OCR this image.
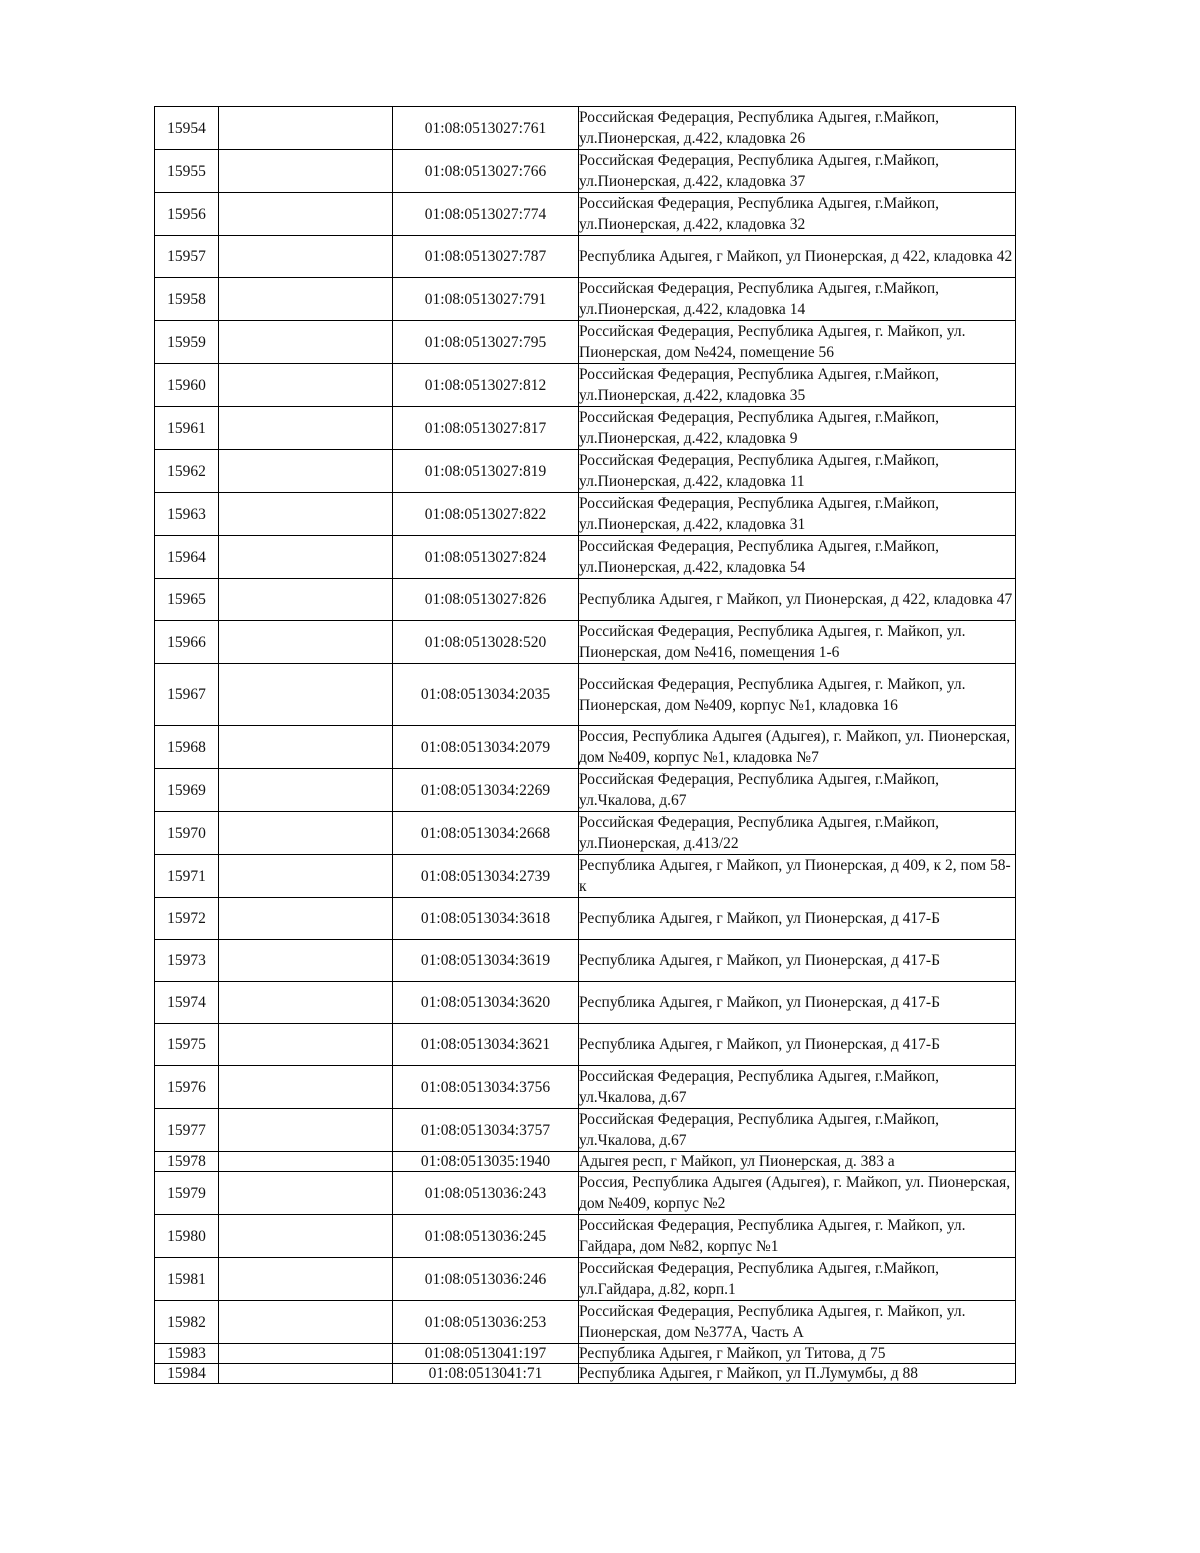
15954		01:08:0513027:761	Российская Федерация, Республика Адыгея, г.Майкоп, ул.Пионерская, д.422, кладовка 26
15955		01:08:0513027:766	Российская Федерация, Республика Адыгея, г.Майкоп, ул.Пионерская, д.422, кладовка 37
15956		01:08:0513027:774	Российская Федерация, Республика Адыгея, г.Майкоп, ул.Пионерская, д.422, кладовка 32
15957		01:08:0513027:787	Республика Адыгея, г Майкоп, ул Пионерская, д 422, кладовка 42
15958		01:08:0513027:791	Российская Федерация, Республика Адыгея, г.Майкоп, ул.Пионерская, д.422, кладовка 14
15959		01:08:0513027:795	Российская Федерация, Республика Адыгея, г. Майкоп, ул. Пионерская, дом №424, помещение 56
15960		01:08:0513027:812	Российская Федерация, Республика Адыгея, г.Майкоп, ул.Пионерская, д.422, кладовка 35
15961		01:08:0513027:817	Российская Федерация, Республика Адыгея, г.Майкоп, ул.Пионерская, д.422, кладовка 9
15962		01:08:0513027:819	Российская Федерация, Республика Адыгея, г.Майкоп, ул.Пионерская, д.422, кладовка 11
15963		01:08:0513027:822	Российская Федерация, Республика Адыгея, г.Майкоп, ул.Пионерская, д.422, кладовка 31
15964		01:08:0513027:824	Российская Федерация, Республика Адыгея, г.Майкоп, ул.Пионерская, д.422, кладовка 54
15965		01:08:0513027:826	Республика Адыгея, г Майкоп, ул Пионерская, д 422, кладовка 47
15966		01:08:0513028:520	Российская Федерация, Республика Адыгея, г. Майкоп, ул. Пионерская, дом №416, помещения 1-6
15967		01:08:0513034:2035	Российская Федерация, Республика Адыгея, г. Майкоп, ул. Пионерская, дом №409, корпус №1, кладовка 16
15968		01:08:0513034:2079	Россия, Республика Адыгея (Адыгея), г. Майкоп, ул. Пионерская, дом №409, корпус №1, кладовка №7
15969		01:08:0513034:2269	Российская Федерация, Республика Адыгея, г.Майкоп, ул.Чкалова, д.67
15970		01:08:0513034:2668	Российская Федерация, Республика Адыгея, г.Майкоп, ул.Пионерская, д.413/22
15971		01:08:0513034:2739	Республика Адыгея, г Майкоп, ул Пионерская, д 409, к 2, пом 58-к
15972		01:08:0513034:3618	Республика Адыгея, г Майкоп, ул Пионерская, д 417-Б
15973		01:08:0513034:3619	Республика Адыгея, г Майкоп, ул Пионерская, д 417-Б
15974		01:08:0513034:3620	Республика Адыгея, г Майкоп, ул Пионерская, д 417-Б
15975		01:08:0513034:3621	Республика Адыгея, г Майкоп, ул Пионерская, д 417-Б
15976		01:08:0513034:3756	Российская Федерация, Республика Адыгея, г.Майкоп, ул.Чкалова, д.67
15977		01:08:0513034:3757	Российская Федерация, Республика Адыгея, г.Майкоп, ул.Чкалова, д.67
15978		01:08:0513035:1940	Адыгея респ, г Майкоп, ул Пионерская, д. 383 а
15979		01:08:0513036:243	Россия, Республика Адыгея (Адыгея), г. Майкоп, ул. Пионерская, дом №409, корпус №2
15980		01:08:0513036:245	Российская Федерация, Республика Адыгея, г. Майкоп, ул. Гайдара, дом №82, корпус №1
15981		01:08:0513036:246	Российская Федерация, Республика Адыгея, г.Майкоп, ул.Гайдара, д.82, корп.1
15982		01:08:0513036:253	Российская Федерация, Республика Адыгея, г. Майкоп, ул. Пионерская, дом №377А, Часть А
15983		01:08:0513041:197	Республика Адыгея, г Майкоп, ул Титова, д 75
15984		01:08:0513041:71	Республика Адыгея, г Майкоп, ул П.Лумумбы, д 88
